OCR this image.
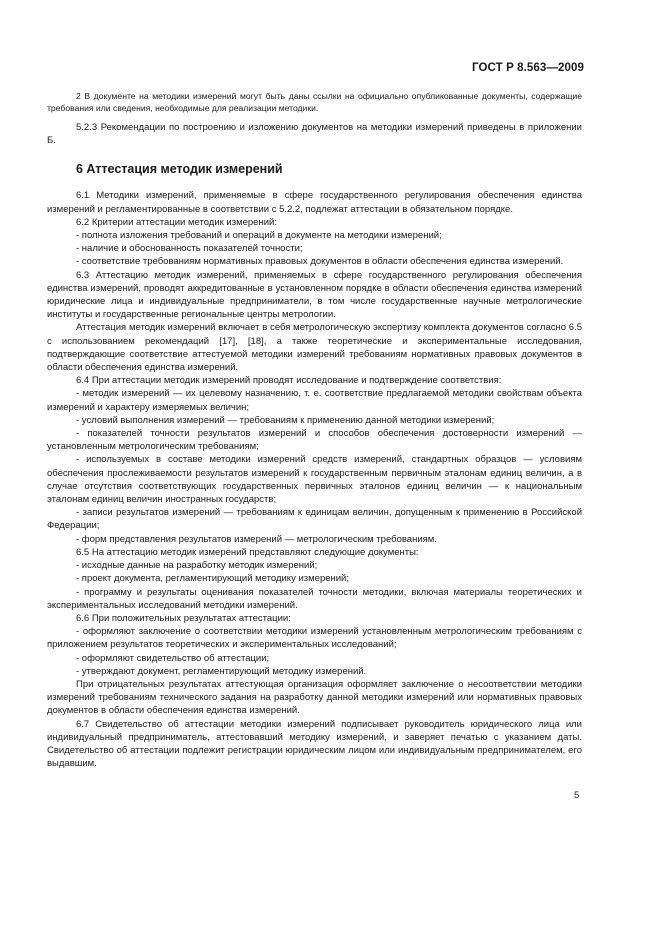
ГОСТ Р 8.563—2009

2 В документе на методики измерений могут быть даны ссылки на официально опубликованные документы, содержащие требования или сведения, необходимые для реализации методики.

5.2.3 Рекомендации по построению и изложению документов на методики измерений приведены в приложении Б.

6 Аттестация методик измерений

6.1 Методики измерений, применяемые в сфере государственного регулирования обеспечения единства измерений и регламентированные в соответствии с 5.2.2, подлежат аттестации в обязательном порядке.

6.2 Критерии аттестации методик измерений:

- полнота изложения требований и операций в документе на методики измерений;

- наличие и обоснованность показателей точности;

- соответствие требованиям нормативных правовых документов в области обеспечения единства измерений.

6.3 Аттестацию методик измерений, применяемых в сфере государственного регулирования обеспечения единства измерений, проводят аккредитованные в установленном порядке в области обеспечения единства измерений юридические лица и индивидуальные предприниматели, в том числе государственные научные метрологические институты и государственные региональные центры метрологии.

Аттестация методик измерений включает в себя метрологическую экспертизу комплекта документов согласно 6.5 с использованием рекомендаций [17], [18], а также теоретические и экспериментальные исследования, подтверждающие соответствие аттестуемой методики измерений требованиям нормативных правовых документов в области обеспечения единства измерений.

6.4 При аттестации методик измерений проводят исследование и подтверждение соответствия:

- методик измерений — их целевому назначению, т. е. соответствие предлагаемой методики свойствам объекта измерений и характеру измеряемых величин;

- условий выполнения измерений — требованиям к применению данной методики измерений;

- показателей точности результатов измерений и способов обеспечения достоверности измерений — установленным метрологическим требованиям;

- используемых в составе методики измерений средств измерений, стандартных образцов — условиям обеспечения прослеживаемости результатов измерений к государственным первичным эталонам единиц величин, а в случае отсутствия соответствующих государственных первичных эталонов единиц величин — к национальным эталонам единиц величин иностранных государств;

- записи результатов измерений — требованиям к единицам величин, допущенным к применению в Российской Федерации;

- форм представления результатов измерений — метрологическим требованиям.

6.5 На аттестацию методик измерений представляют следующие документы:

- исходные данные на разработку методик измерений;

- проект документа, регламентирующий методику измерений;

- программу и результаты оценивания показателей точности методики, включая материалы теоретических и экспериментальных исследований методики измерений.

6.6 При положительных результатах аттестации:

- оформляют заключение о соответствии методики измерений установленным метрологическим требованиям с приложением результатов теоретических и экспериментальных исследований;

- оформляют свидетельство об аттестации;

- утверждают документ, регламентирующий методику измерений.

При отрицательных результатах аттестующая организация оформляет заключение о несоответствии методики измерений требованиям технического задания на разработку данной методики измерений или нормативных правовых документов в области обеспечения единства измерений.

6.7 Свидетельство об аттестации методики измерений подписывает руководитель юридического лица или индивидуальный предприниматель, аттестовавший методику измерений, и заверяет печатью с указанием даты. Свидетельство об аттестации подлежит регистрации юридическим лицом или индивидуальным предпринимателем, его выдавшим.

5
